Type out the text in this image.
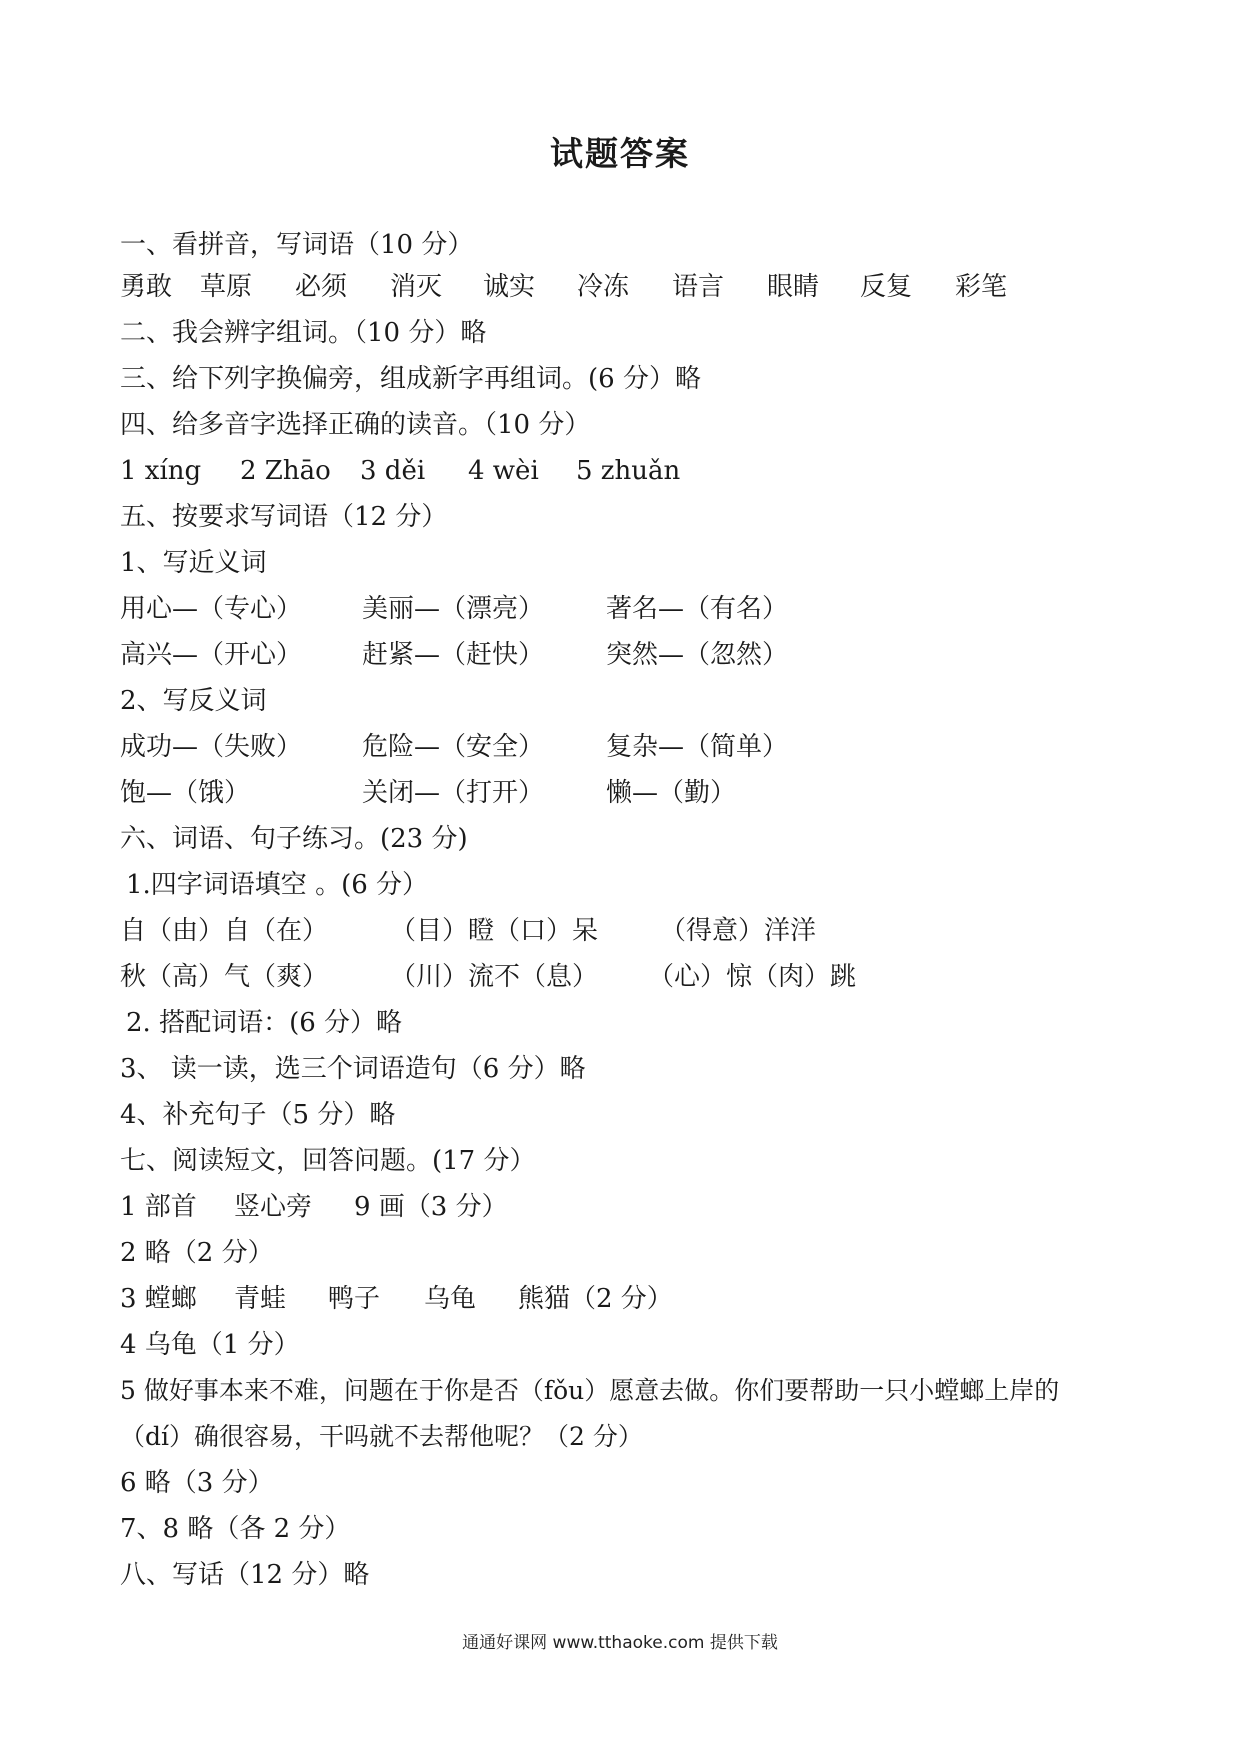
试题答案
一、看拼音，写词语（10 分）
勇敢 草原 必须 消灭 诚实 冷冻 语言 眼睛 反复 彩笔
二、我会辨字组词。（10 分）略
三、给下列字换偏旁，组成新字再组词。(6 分）略
四、给多音字选择正确的读音。（10 分）
1 xíng 2 Zhāo 3 děi 4 wèi 5 zhuǎn
五、按要求写词语（12 分）
1、写近义词
用心—（专心） 美丽—（漂亮） 著名—（有名）
高兴—（开心） 赶紧—（赶快） 突然—（忽然）
2、写反义词
成功—（失败） 危险—（安全） 复杂—（简单）
饱—（饿）	关闭—（打开） 懒—（勤）
六、词语、句子练习。(23 分)
1.四字词语填空 。(6 分）
自（由）自（在） （目）瞪（口）呆 （得意）洋洋
秋（高）气（爽） （川）流不（息） （心）惊（肉）跳
2. 搭配词语：(6 分）略
3、 读一读，选三个词语造句（6 分）略
4、补充句子（5 分）略
七、阅读短文，回答问题。(17 分）
1 部首 竖心旁 9 画（3 分）
2 略（2 分）
3 螳螂 青蛙 鸭子 乌龟 熊猫（2 分）
4 乌龟（1 分）
5 做好事本来不难，问题在于你是否（fǒu）愿意去做。你们要帮助一只小螳螂上岸的
（dí）确很容易，干吗就不去帮他呢？（2 分）
6 略（3 分）
7、8 略（各 2 分）
八、写话（12 分）略
通通好课网 www.tthaoke.com 提供下载
